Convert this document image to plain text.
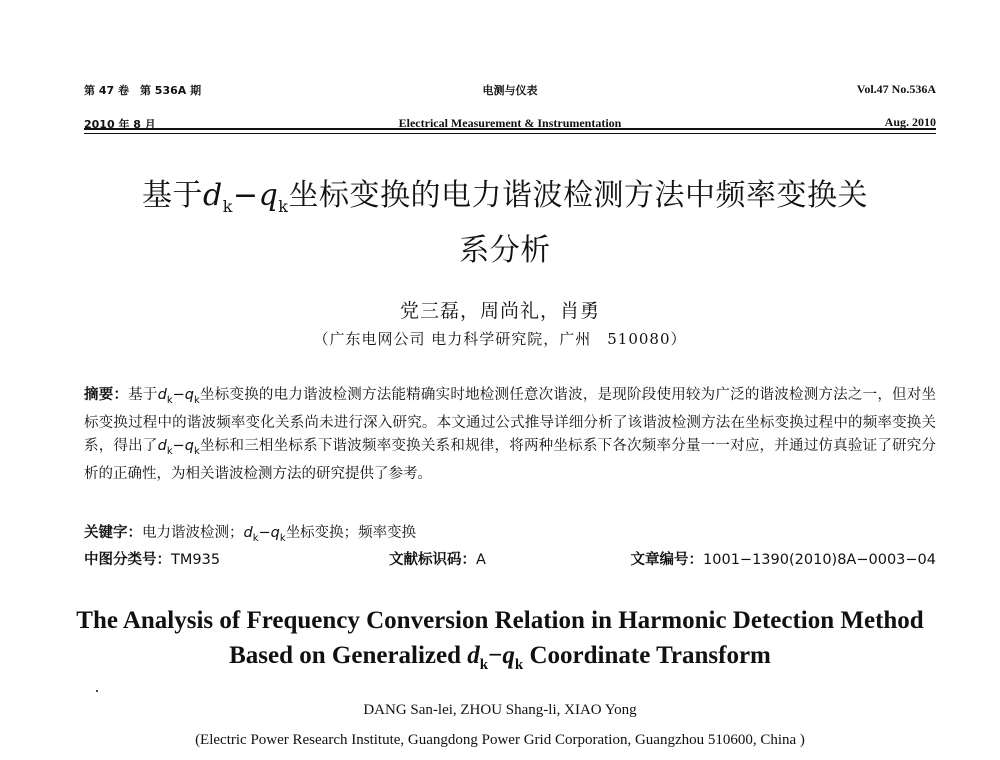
第 47 卷　第 536A 期
2010 年 8 月
电测与仪表
Electrical Measurement & Instrumentation
Vol.47 No.536A
Aug. 2010
基于$d_k-q_k$坐标变换的电力谐波检测方法中频率变换关
系分析
党三磊，周尚礼，肖勇
（广东电网公司 电力科学研究院，广州　510080）
摘要：基于$d_k-q_k$坐标变换的电力谐波检测方法能精确实时地检测任意次谐波，是现阶段使用较为广泛的谐波检测方法之一，但对坐标变换过程中的谐波频率变化关系尚未进行深入研究。本文通过公式推导详细分析了该谐波检测方法在坐标变换过程中的频率变换关系，得出了$d_k-q_k$坐标和三相坐标系下谐波频率变换关系和规律，将两种坐标系下各次频率分量一一对应，并通过仿真验证了研究分析的正确性，为相关谐波检测方法的研究提供了参考。
关键字：电力谐波检测；$d_k-q_k$坐标变换；频率变换
中图分类号：TM935	文献标识码：A	文章编号：1001−1390(2010)8A−0003−04
The Analysis of Frequency Conversion Relation in Harmonic Detection Method
Based on Generalized $d_k-q_k$ Coordinate Transform
DANG San-lei, ZHOU Shang-li, XIAO Yong
(Electric Power Research Institute, Guangdong Power Grid Corporation, Guangzhou 510600, China )
